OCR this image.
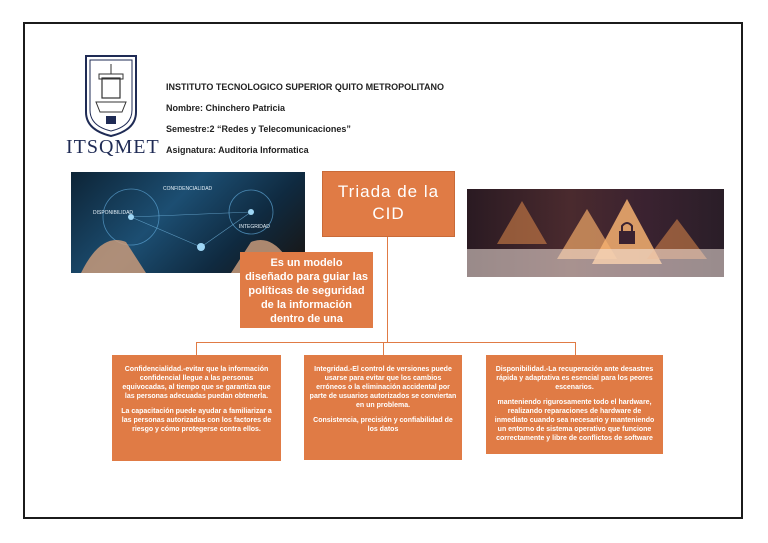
ITSQMET
INSTITUTO TECNOLOGICO SUPERIOR QUITO METROPOLITANO
Nombre: Chinchero Patricia
Semestre:2 “Redes y Telecomunicaciones”
Asignatura: Auditoria Informatica
CONFIDENCIALIDAD
DISPONIBILIDAD
INTEGRIDAD
Triada de la CID
Es un modelo diseñado para guiar las políticas de seguridad de la información dentro de una organización.

Confidencialidad.-evitar que la información confidencial llegue a las personas equivocadas, al tiempo que se garantiza que las personas adecuadas puedan obtenerla.

La capacitación puede ayudar a familiarizar a las personas autorizadas con los factores de riesgo y cómo protegerse contra ellos.

Integridad.-El control de versiones puede usarse para evitar que los cambios erróneos o la eliminación accidental por parte de usuarios autorizados se conviertan en un problema.

Consistencia, precisión y confiabilidad de los datos

Disponibilidad.-La recuperación ante desastres rápida y adaptativa es esencial para los peores escenarios.

manteniendo rigurosamente todo el hardware, realizando reparaciones de hardware de inmediato cuando sea necesario y manteniendo un entorno de sistema operativo que funcione correctamente y libre de conflictos de software
